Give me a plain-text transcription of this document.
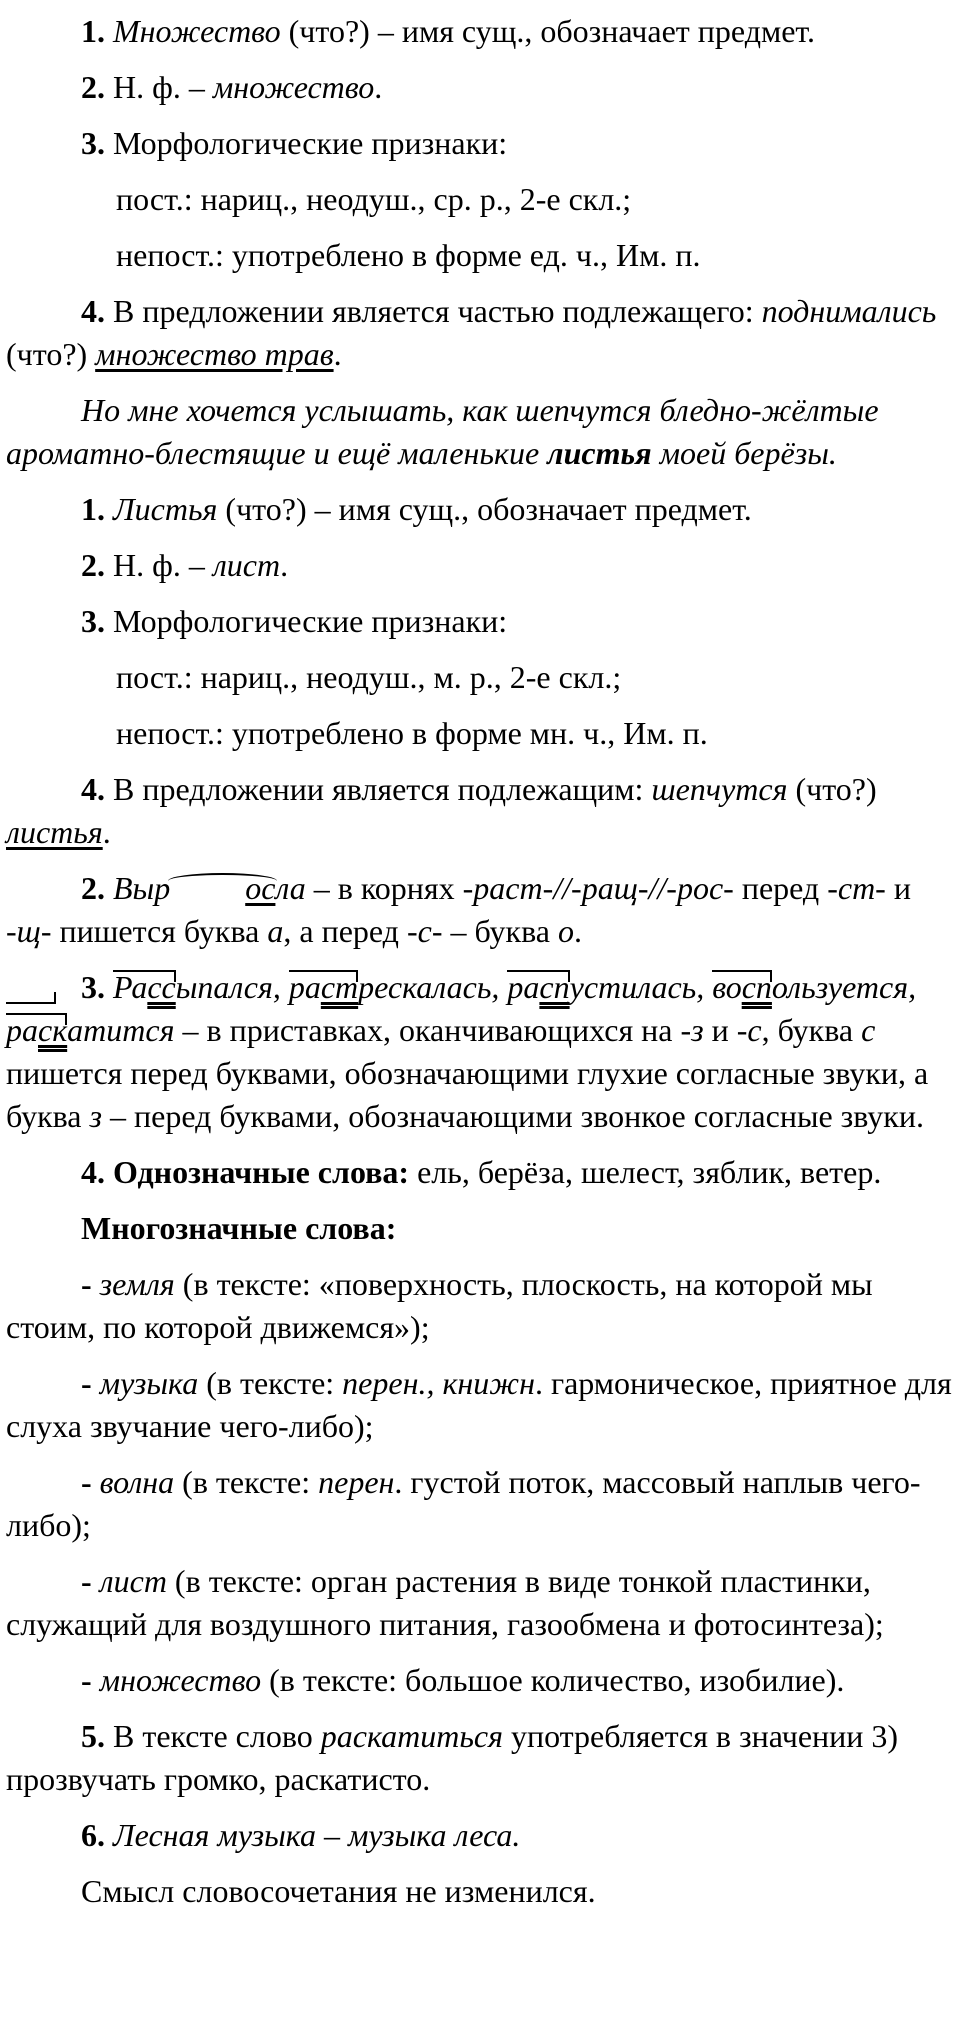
1. Множество (что?) – имя сущ., обозначает предмет.

2. Н. ф. – множество.

3. Морфологические признаки:

пост.: нариц., неодуш., ср. р., 2-е скл.;

непост.: употреблено в форме ед. ч., Им. п.

4. В предложении является частью подлежащего: поднимались (что?) множество трав.

Но мне хочется услышать, как шепчутся бледно-жёлтые ароматно-блестящие и ещё маленькие листья моей берёзы.

1. Листья (что?) – имя сущ., обозначает предмет.

2. Н. ф. – лист.

3. Морфологические признаки:

пост.: нариц., неодуш., м. р., 2-е скл.;

непост.: употреблено в форме мн. ч., Им. п.

4. В предложении является подлежащим: шепчутся (что?) листья.

2. Выр осла – в корнях -раст-//-ращ-//-рос- перед -ст- и -щ- пишется буква а, а перед -с- – буква о.

3. Рассыпался, растрескалась, распустилась, воспользуется, раскатится – в приставках, оканчивающихся на -з и -с, буква с пишется перед буквами, обозначающими глухие согласные звуки, а буква з – перед буквами, обозначающими звонкое согласные звуки.

4. Однозначные слова: ель, берёза, шелест, зяблик, ветер.

Многозначные слова:

- земля (в тексте: «поверхность, плоскость, на которой мы стоим, по которой движемся»);

- музыка (в тексте: перен., книжн. гармоническое, приятное для слуха звучание чего-либо);

- волна (в тексте: перен. густой поток, массовый наплыв чего-либо);

- лист (в тексте: орган растения в виде тонкой пластинки, служащий для воздушного питания, газообмена и фотосинтеза);

- множество (в тексте: большое количество, изобилие).

5. В тексте слово раскатиться употребляется в значении 3) прозвучать громко, раскатисто.

6. Лесная музыка – музыка леса.

Смысл словосочетания не изменился.
